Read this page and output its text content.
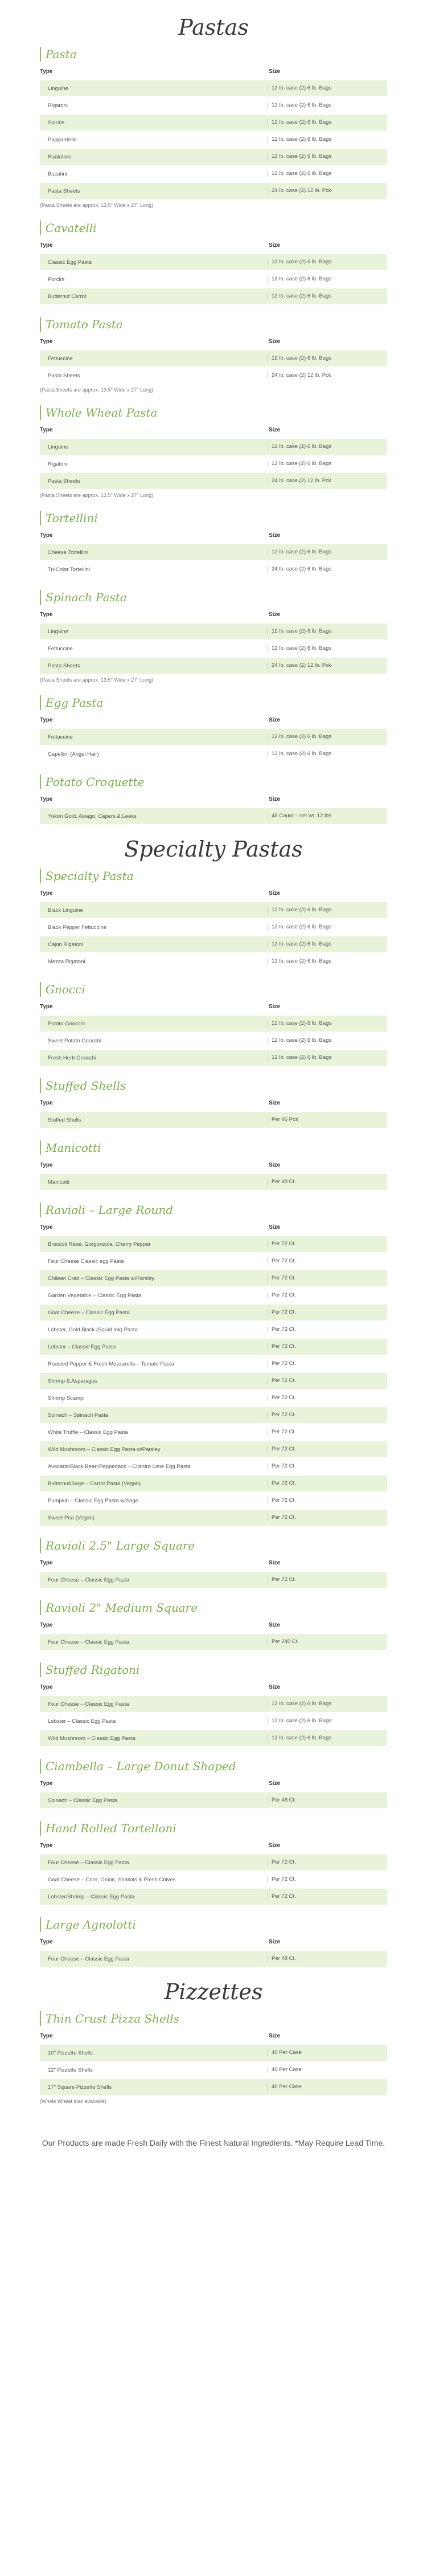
Pastas
Pasta
Type	Size
Linguine	12 lb. case (2) 6 lb. Bags
Rigatoni	12 lb. case (2) 6 lb. Bags
Spirals	12 lb. case (2) 6 lb. Bags
Pappardelle	12 lb. case (2) 6 lb. Bags
Radiatore	12 lb. case (2) 6 lb. Bags
Bucatini	12 lb. case (2) 6 lb. Bags
Pasta Sheets	24 lb. case (2) 12 lb. Pck
(Pasta Sheets are approx. 13.5" Wide x 27" Long)
Cavatelli
Type	Size
Classic Egg Pasta	12 lb. case (2) 6 lb. Bags
Porcini	12 lb. case (2) 6 lb. Bags
Butternut Carrot	12 lb. case (2) 6 lb. Bags
Tomato Pasta
Type	Size
Fettuccine	12 lb. case (2) 6 lb. Bags
Pasta Sheets	24 lb. case (2) 12 lb. Pck
(Pasta Sheets are approx. 13.5" Wide x 27" Long)
Whole Wheat Pasta
Type	Size
Linguine	12 lb. case (2) 6 lb. Bags
Rigatoni	12 lb. case (2) 6 lb. Bags
Pasta Sheets	24 lb. case (2) 12 lb. Pck
(Pasta Sheets are approx. 13.5" Wide x 27" Long)
Tortellini
Type	Size
Cheese Tortellini	12 lb. case (2) 6 lb. Bags
Tri-Color Tortellini	24 lb. case (2) 6 lb. Bags
Spinach Pasta
Type	Size
Linguine	12 lb. case (2) 6 lb. Bags
Fettuccine	12 lb. case (2) 6 lb. Bags
Pasta Sheets	24 lb. case (2) 12 lb. Pck
(Pasta Sheets are approx. 13.5" Wide x 27" Long)
Egg Pasta
Type	Size
Fettuccine	12 lb. case (2) 6 lb. Bags
Capellini (Angel Hair)	12 lb. case (2) 6 lb. Bags
Potato Croquette
Type	Size
Yukon Gold, Asiago, Capers & Leeks	48 Count – net wt. 12 lbs
Specialty Pastas
Specialty Pasta
Type	Size
Black Linguine	12 lb. case (2) 6 lb. Bags
Black Pepper Fettuccine	12 lb. case (2) 6 lb. Bags
Cajun Rigatoni	12 lb. case (2) 6 lb. Bags
Mezza Rigatoni	12 lb. case (2) 6 lb. Bags
Gnocci
Type	Size
Potato Gnocchi	12 lb. case (2) 6 lb. Bags
Sweet Potato Gnocchi	12 lb. case (2) 6 lb. Bags
Fresh Herb Gnocchi	12 lb. case (2) 6 lb. Bags
Stuffed Shells
Type	Size
Stuffed Shells	Per 96 Pcs
Manicotti
Type	Size
Manicotti	Per 48 Ct.
Ravioli – Large Round
Type	Size
Broccoli Rabe, Gorgonzola, Cherry Pepper	Per 72 Ct.
Four Cheese Classic egg Pasta	Per 72 Ct.
Chilean Crab – Classic Egg Pasta w/Parsley	Per 72 Ct.
Garden Vegetable – Classic Egg Pasta	Per 72 Ct.
Goat Cheese – Classic Egg Pasta	Per 72 Ct.
Lobster, Gold Black (Squid Ink) Pasta	Per 72 Ct.
Lobster – Classic Egg Pasta	Per 72 Ct.
Roasted Pepper & Fresh Mozzarella – Tomato Pasta	Per 72 Ct.
Shrimp & Asparagus	Per 72 Ct.
Shrimp Scampi	Per 72 Ct.
Spinach – Spinach Pasta	Per 72 Ct.
White Truffle – Classic Egg Pasta	Per 72 Ct.
Wild Mushroom – Classic Egg Pasta w/Parsley	Per 72 Ct.
Avocado/Black Bean/Pepperjack – Cilantro Lime Egg Pasta	Per 72 Ct.
Butternut/Sage – Carrot Pasta (Vegan)	Per 72 Ct.
Pumpkin – Classic Egg Pasta w/Sage	Per 72 Ct.
Sweet Pea (Vegan)	Per 72 Ct.
Ravioli 2.5" Large Square
Type	Size
Four Cheese – Classic Egg Pasta	Per 72 Ct.
Ravioli 2" Medium Square
Type	Size
Four Cheese – Classic Egg Pasta	Per 240 Ct.
Stuffed Rigatoni
Type	Size
Four Cheese – Classic Egg Pasta	12 lb. case (2) 6 lb. Bags
Lobster – Classic Egg Pasta	12 lb. case (2) 6 lb. Bags
Wild Mushroom – Classic Egg Pasta	12 lb. case (2) 6 lb. Bags
Ciambella – Large Donut Shaped
Type	Size
Spinach – Classic Egg Pasta	Per 48 Ct.
Hand Rolled Tortelloni
Type	Size
Four Cheese – Classic Egg Pasta	Per 72 Ct.
Goat Cheese – Corn, Onion, Shallots & Fresh Chives	Per 72 Ct.
Lobster/Shrimp – Classic Egg Pasta	Per 72 Ct.
Large Agnolotti
Type	Size
Four Cheese – Classic Egg Pasta	Per 48 Ct.
Pizzettes
Thin Crust Pizza Shells
Type	Size
10" Pizzette Shells	40 Per Case
12" Pizzette Shells	40 Per Case
17" Square Pizzette Shells	40 Per Case
(Whole Wheat also available)
Our Products are made Fresh Daily with the Finest Natural Ingredients. *May Require Lead Time.
